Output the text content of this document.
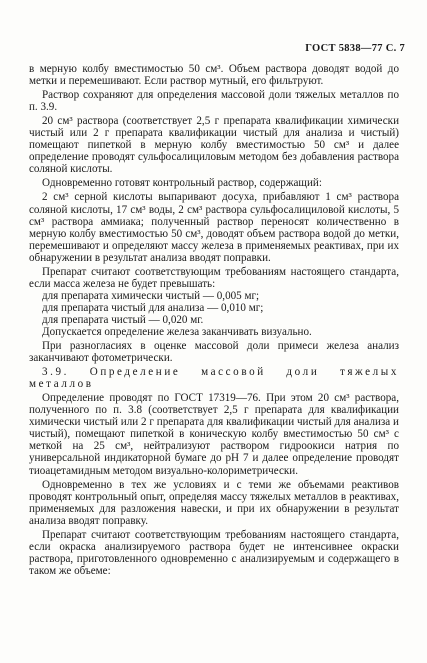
ГОСТ 5838—77 С. 7

в мерную колбу вместимостью 50 см³. Объем раствора доводят водой до метки и перемешивают. Если раствор мутный, его фильтруют.

Раствор сохраняют для определения массовой доли тяжелых металлов по п. 3.9.

20 см³ раствора (соответствует 2,5 г препарата квалификации химически чистый или 2 г препарата квалификации чистый для анализа и чистый) помещают пипеткой в мерную колбу вместимостью 50 см³ и далее определение проводят сульфосалициловым методом без добавления раствора соляной кислоты.

Одновременно готовят контрольный раствор, содержащий:

2 см³ серной кислоты выпаривают досуха, прибавляют 1 см³ раствора соляной кислоты, 17 см³ воды, 2 см³ раствора сульфосалициловой кислоты, 5 см³ раствора аммиака; полученный раствор переносят количественно в мерную колбу вместимостью 50 см³, доводят объем раствора водой до метки, перемешивают и определяют массу железа в применяемых реактивах, при их обнаружении в результат анализа вводят поправки.

Препарат считают соответствующим требованиям настоящего стандарта, если масса железа не будет превышать:

для препарата химически чистый — 0,005 мг;

для препарата чистый для анализа — 0,010 мг;

для препарата чистый — 0,020 мг.

Допускается определение железа заканчивать визуально.

При разногласиях в оценке массовой доли примеси железа анализ заканчивают фотометрически.

3.9. Определение массовой доли тяжелых металлов

Определение проводят по ГОСТ 17319—76. При этом 20 см³ раствора, полученного по п. 3.8 (соответствует 2,5 г препарата для квалификации химически чистый или 2 г препарата для квалификации чистый для анализа и чистый), помещают пипеткой в коническую колбу вместимостью 50 см³ с меткой на 25 см³, нейтрализуют раствором гидроокиси натрия по универсальной индикаторной бумаге до рН 7 и далее определение проводят тиоацетамидным методом визуально-колориметрически.

Одновременно в тех же условиях и с теми же объемами реактивов проводят контрольный опыт, определяя массу тяжелых металлов в реактивах, применяемых для разложения навески, и при их обнаружении в результат анализа вводят поправку.

Препарат считают соответствующим требованиям настоящего стандарта, если окраска анализируемого раствора будет не интенсивнее окраски раствора, приготовленного одновременно с анализируемым и содержащего в таком же объеме:
